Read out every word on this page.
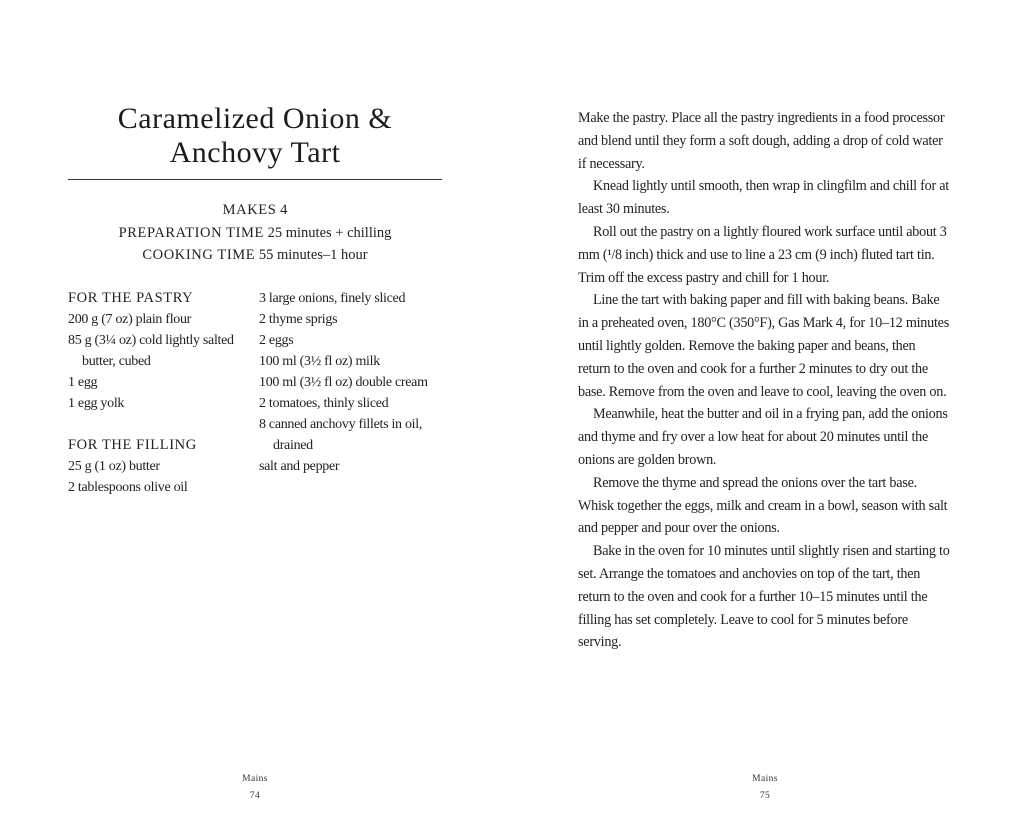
Caramelized Onion &
Anchovy Tart
MAKES 4
PREPARATION TIME 25 minutes + chilling
COOKING TIME 55 minutes–1 hour
FOR THE PASTRY
200 g (7 oz) plain flour
85 g (3¼ oz) cold lightly salted
butter, cubed
1 egg
1 egg yolk
FOR THE FILLING
25 g (1 oz) butter
2 tablespoons olive oil
3 large onions, finely sliced
2 thyme sprigs
2 eggs
100 ml (3½ fl oz) milk
100 ml (3½ fl oz) double cream
2 tomatoes, thinly sliced
8 canned anchovy fillets in oil,
drained
salt and pepper
Mains
74

Make the pastry. Place all the pastry ingredients in a food processor and blend until they form a soft dough, adding a drop of cold water if necessary.

Knead lightly until smooth, then wrap in clingfilm and chill for at least 30 minutes.

Roll out the pastry on a lightly floured work surface until about 3 mm (¹/8 inch) thick and use to line a 23 cm (9 inch) fluted tart tin. Trim off the excess pastry and chill for 1 hour.

Line the tart with baking paper and fill with baking beans. Bake in a preheated oven, 180°C (350°F), Gas Mark 4, for 10–12 minutes until lightly golden. Remove the baking paper and beans, then return to the oven and cook for a further 2 minutes to dry out the base. Remove from the oven and leave to cool, leaving the oven on.

Meanwhile, heat the butter and oil in a frying pan, add the onions and thyme and fry over a low heat for about 20 minutes until the onions are golden brown.

Remove the thyme and spread the onions over the tart base. Whisk together the eggs, milk and cream in a bowl, season with salt and pepper and pour over the onions.

Bake in the oven for 10 minutes until slightly risen and starting to set. Arrange the tomatoes and anchovies on top of the tart, then return to the oven and cook for a further 10–15 minutes until the filling has set completely. Leave to cool for 5 minutes before serving.

Mains
75
